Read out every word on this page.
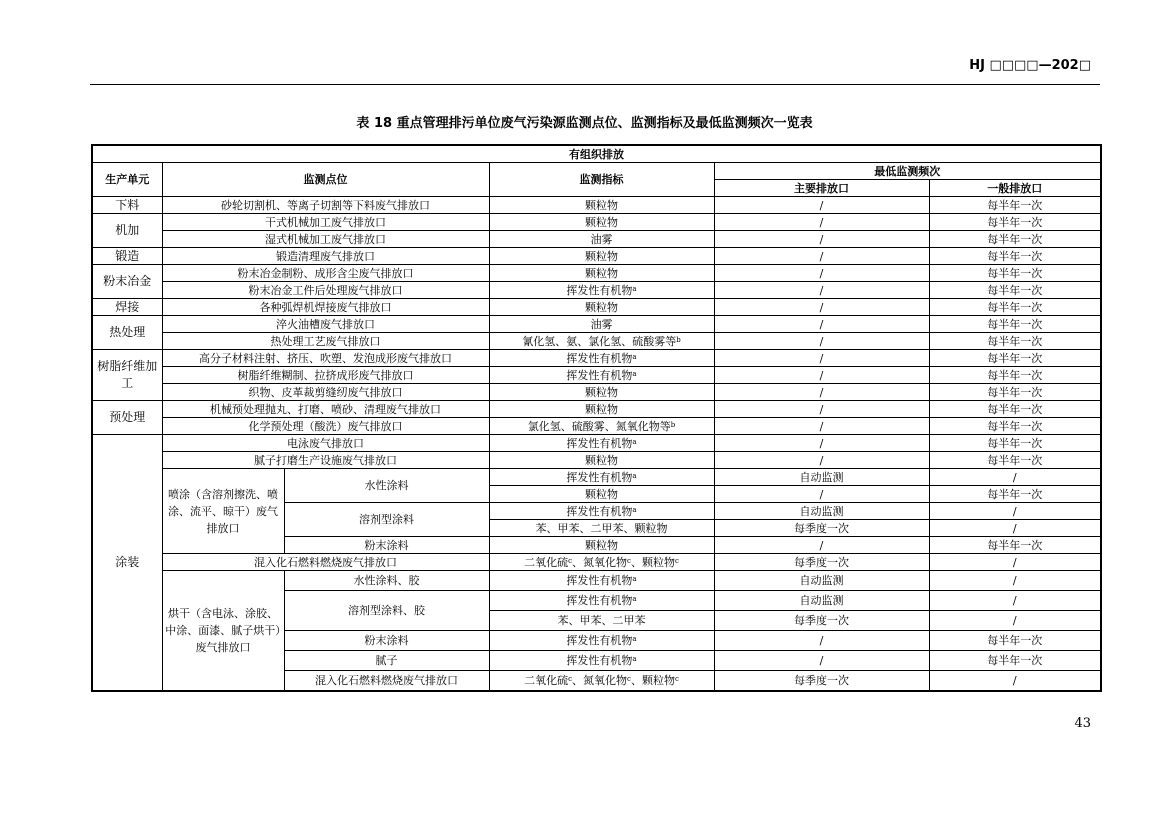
HJ □□□□—202□
表 18 重点管理排污单位废气污染源监测点位、监测指标及最低监测频次一览表
有组织排放					
生产单元	监测点位		监测指标	最低监测频次	
				主要排放口	一般排放口
下料	砂轮切割机、等离子切割等下料废气排放口		颗粒物	/	每半年一次
机加	干式机械加工废气排放口		颗粒物	/	每半年一次
	湿式机械加工废气排放口		油雾	/	每半年一次
锻造	锻造清理废气排放口		颗粒物	/	每半年一次
粉末冶金	粉末冶金制粉、成形含尘废气排放口		颗粒物	/	每半年一次
	粉末冶金工件后处理废气排放口		挥发性有机物$^a$	/	每半年一次
焊接	各种弧焊机焊接废气排放口		颗粒物	/	每半年一次
热处理	淬火油槽废气排放口		油雾	/	每半年一次
	热处理工艺废气排放口		氰化氢、氨、氯化氢、硫酸雾等$^b$	/	每半年一次
树脂纤维加工	高分子材料注射、挤压、吹塑、发泡成形废气排放口		挥发性有机物$^a$	/	每半年一次
	树脂纤维糊制、拉挤成形废气排放口		挥发性有机物$^a$	/	每半年一次
	织物、皮革裁剪缝纫废气排放口		颗粒物	/	每半年一次
预处理	机械预处理抛丸、打磨、喷砂、清理废气排放口		颗粒物	/	每半年一次
	化学预处理（酸洗）废气排放口		氯化氢、硫酸雾、氮氧化物等$^b$	/	每半年一次
涂装	电泳废气排放口		挥发性有机物$^a$	/	每半年一次
	腻子打磨生产设施废气排放口		颗粒物	/	每半年一次
	喷涂（含溶剂擦洗、喷涂、流平、晾干）废气排放口	水性涂料	挥发性有机物$^a$	自动监测	/
			颗粒物	/	每半年一次
		溶剂型涂料	挥发性有机物$^a$	自动监测	/
			苯、甲苯、二甲苯、颗粒物	每季度一次	/
		粉末涂料	颗粒物	/	每半年一次
	混入化石燃料燃烧废气排放口		二氧化硫$^c$、氮氧化物$^c$、颗粒物$^c$	每季度一次	/
	烘干（含电泳、涂胶、中涂、面漆、腻子烘干）废气排放口	水性涂料、胶	挥发性有机物$^a$	自动监测	/
		溶剂型涂料、胶	挥发性有机物$^a$	自动监测	/
			苯、甲苯、二甲苯	每季度一次	/
		粉末涂料	挥发性有机物$^a$	/	每半年一次
		腻子	挥发性有机物$^a$	/	每半年一次
		混入化石燃料燃烧废气排放口	二氧化硫$^c$、氮氧化物$^c$、颗粒物$^c$	每季度一次	/
43
